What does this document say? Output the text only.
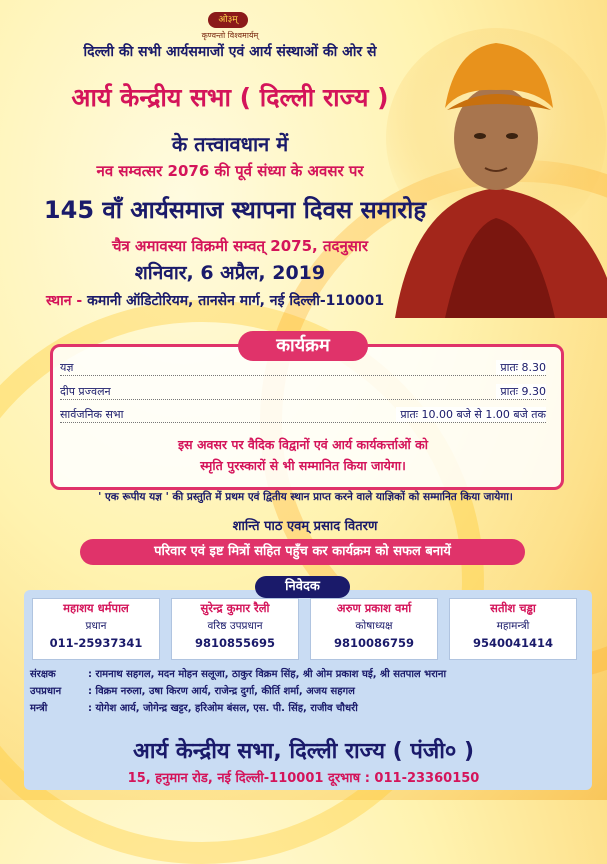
ओ३म्
कृण्वन्तो विश्वमार्यम्
दिल्ली की सभी आर्यसमाजों एवं आर्य संस्थाओं की ओर से
आर्य केन्द्रीय सभा ( दिल्ली राज्य )
के तत्त्वावधान में
नव सम्वत्सर 2076 की पूर्व संध्या के अवसर पर
145 वाँ आर्यसमाज स्थापना दिवस समारोह
चैत्र अमावस्या विक्रमी सम्वत् 2075, तदनुसार
शनिवार, 6 अप्रैल, 2019
स्थान - कमानी ऑडिटोरियम, तानसेन मार्ग, नई दिल्ली-110001
कार्यक्रम
यज्ञ	प्रातः 8.30
दीप प्रज्वलन	प्रातः 9.30
सार्वजनिक सभा	प्रातः 10.00 बजे से 1.00 बजे तक
इस अवसर पर वैदिक विद्वानों एवं आर्य कार्यकर्त्ताओं को
स्मृति पुरस्कारों से भी सम्मानित किया जायेगा।
' एक रूपीय यज्ञ ' की प्रस्तुति में प्रथम एवं द्वितीय स्थान प्राप्त करने वाले याज्ञिकों को सम्मानित किया जायेगा।
शान्ति पाठ एवम् प्रसाद वितरण
परिवार एवं इष्ट मित्रों सहित पहुँच कर कार्यक्रम को सफल बनायें
निवेदक
महाशय धर्मपाल
प्रधान
011-25937341
सुरेन्द्र कुमार रैली
वरिष्ठ उपप्रधान
9810855695
अरुण प्रकाश वर्मा
कोषाध्यक्ष
9810086759
सतीश चड्ढा
महामन्त्री
9540041414
संरक्षक	: रामनाथ सहगल, मदन मोहन सलूजा, ठाकुर विक्रम सिंह, श्री ओम प्रकाश घई, श्री सतपाल भराना
उपप्रधान	: विक्रम नरुला, उषा किरण आर्य, राजेन्द्र दुर्गा, कीर्ति शर्मा, अजय सहगल
मन्त्री	: योगेश आर्य, जोगेन्द्र खट्टर, हरिओम बंसल, एस. पी. सिंह, राजीव चौधरी
आर्य केन्द्रीय सभा, दिल्ली राज्य ( पंजी० )
15, हनुमान रोड, नई दिल्ली-110001 दूरभाष : 011-23360150
